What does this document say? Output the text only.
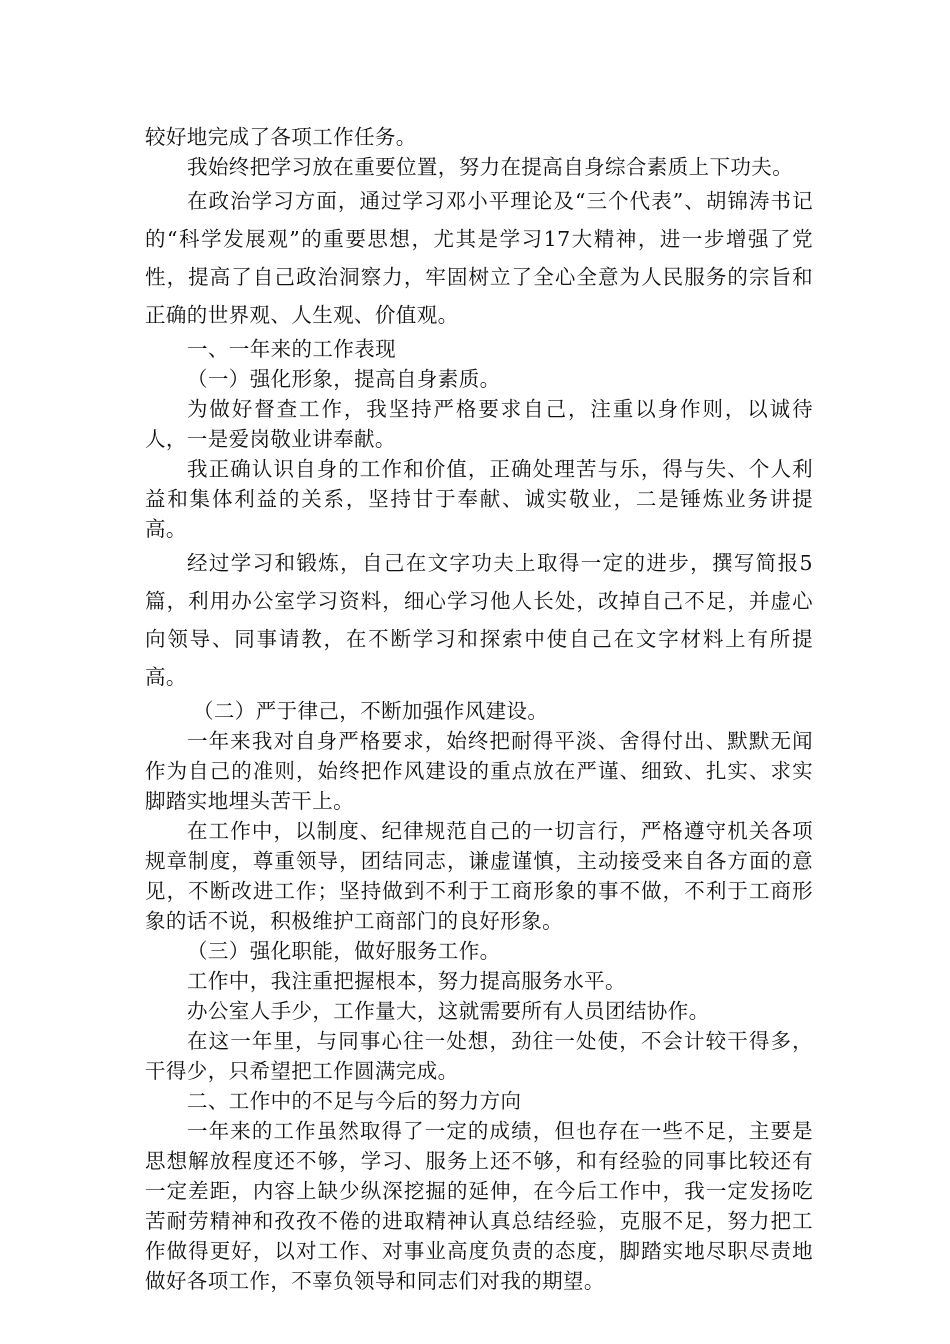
较好地完成了各项工作任务。

我始终把学习放在重要位置，努力在提高自身综合素质上下功夫。

在政治学习方面，通过学习邓小平理论及“三个代表”、胡锦涛书记的“科学发展观”的重要思想，尤其是学习17大精神，进一步增强了党性，提高了自己政治洞察力，牢固树立了全心全意为人民服务的宗旨和正确的世界观、人生观、价值观。

一、一年来的工作表现

（一）强化形象，提高自身素质。

为做好督查工作，我坚持严格要求自己，注重以身作则，以诚待人，一是爱岗敬业讲奉献。

我正确认识自身的工作和价值，正确处理苦与乐，得与失、个人利益和集体利益的关系，坚持甘于奉献、诚实敬业，二是锤炼业务讲提高。

经过学习和锻炼，自己在文字功夫上取得一定的进步，撰写简报5篇，利用办公室学习资料，细心学习他人长处，改掉自己不足，并虚心向领导、同事请教，在不断学习和探索中使自己在文字材料上有所提高。

（二）严于律己，不断加强作风建设。

一年来我对自身严格要求，始终把耐得平淡、舍得付出、默默无闻作为自己的准则，始终把作风建设的重点放在严谨、细致、扎实、求实脚踏实地埋头苦干上。

在工作中，以制度、纪律规范自己的一切言行，严格遵守机关各项规章制度，尊重领导，团结同志，谦虚谨慎，主动接受来自各方面的意见，不断改进工作；坚持做到不利于工商形象的事不做，不利于工商形象的话不说，积极维护工商部门的良好形象。

（三）强化职能，做好服务工作。

工作中，我注重把握根本，努力提高服务水平。

办公室人手少，工作量大，这就需要所有人员团结协作。

在这一年里，与同事心往一处想，劲往一处使，不会计较干得多，干得少，只希望把工作圆满完成。

二、工作中的不足与今后的努力方向

一年来的工作虽然取得了一定的成绩，但也存在一些不足，主要是思想解放程度还不够，学习、服务上还不够，和有经验的同事比较还有一定差距，内容上缺少纵深挖掘的延伸，在今后工作中，我一定发扬吃苦耐劳精神和孜孜不倦的进取精神认真总结经验，克服不足，努力把工作做得更好，以对工作、对事业高度负责的态度，脚踏实地尽职尽责地做好各项工作，不辜负领导和同志们对我的期望。
